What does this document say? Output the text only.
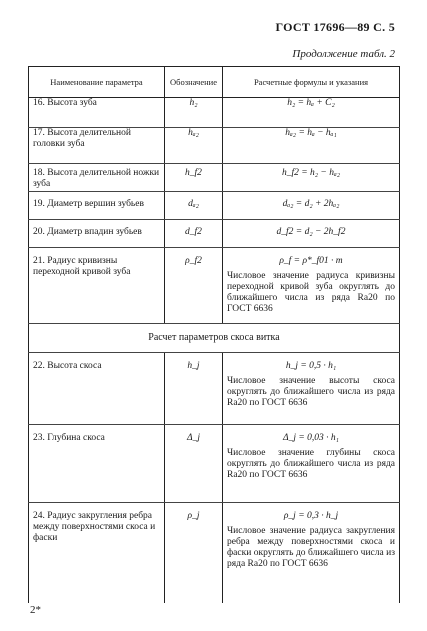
ГОСТ 17696—89 С. 5
Продолжение табл. 2
Наименование параметра	Обозначение	Расчетные формулы и указания
16. Высота зуба	h₂	h₂ = hₐ + C₂
17. Высота делительной головки зуба	hₐ₂	hₐ₂ = hₐ − hₐ₁
18. Высота делительной ножки зуба	h_f2	h_f2 = h₂ − hₐ₂
19. Диаметр вершин зубьев	dₐ₂	dₐ₂ = d₂ + 2hₐ₂
20. Диаметр впадин зубьев	d_f2	d_f2 = d₂ − 2h_f2
21. Радиус кривизны переходной кривой зуба	ρ_f2	ρ_f = ρ*_f01 · m
Числовое значение радиуса кривизны переходной кривой зуба округлять до ближайшего числа из ряда Ra20 по ГОСТ 6636

Расчет параметров скоса витка		
22. Высота скоса	h_j	h_j = 0,5 · h₁
Числовое значение высоты скоса округлять до ближайшего числа из ряда Ra20 по ГОСТ 6636

23. Глубина скоса	Δ_j	Δ_j = 0,03 · h₁
Числовое значение глубины скоса округлять до ближайшего числа из ряда Ra20 по ГОСТ 6636

24. Радиус закругления ребра между поверхностями скоса и фаски	ρ_j	ρ_j = 0,3 · h_j
Числовое значение радиуса закругления ребра между поверхностями скоса и фаски округлять до ближайшего числа из ряда Ra20 по ГОСТ 6636
2*
